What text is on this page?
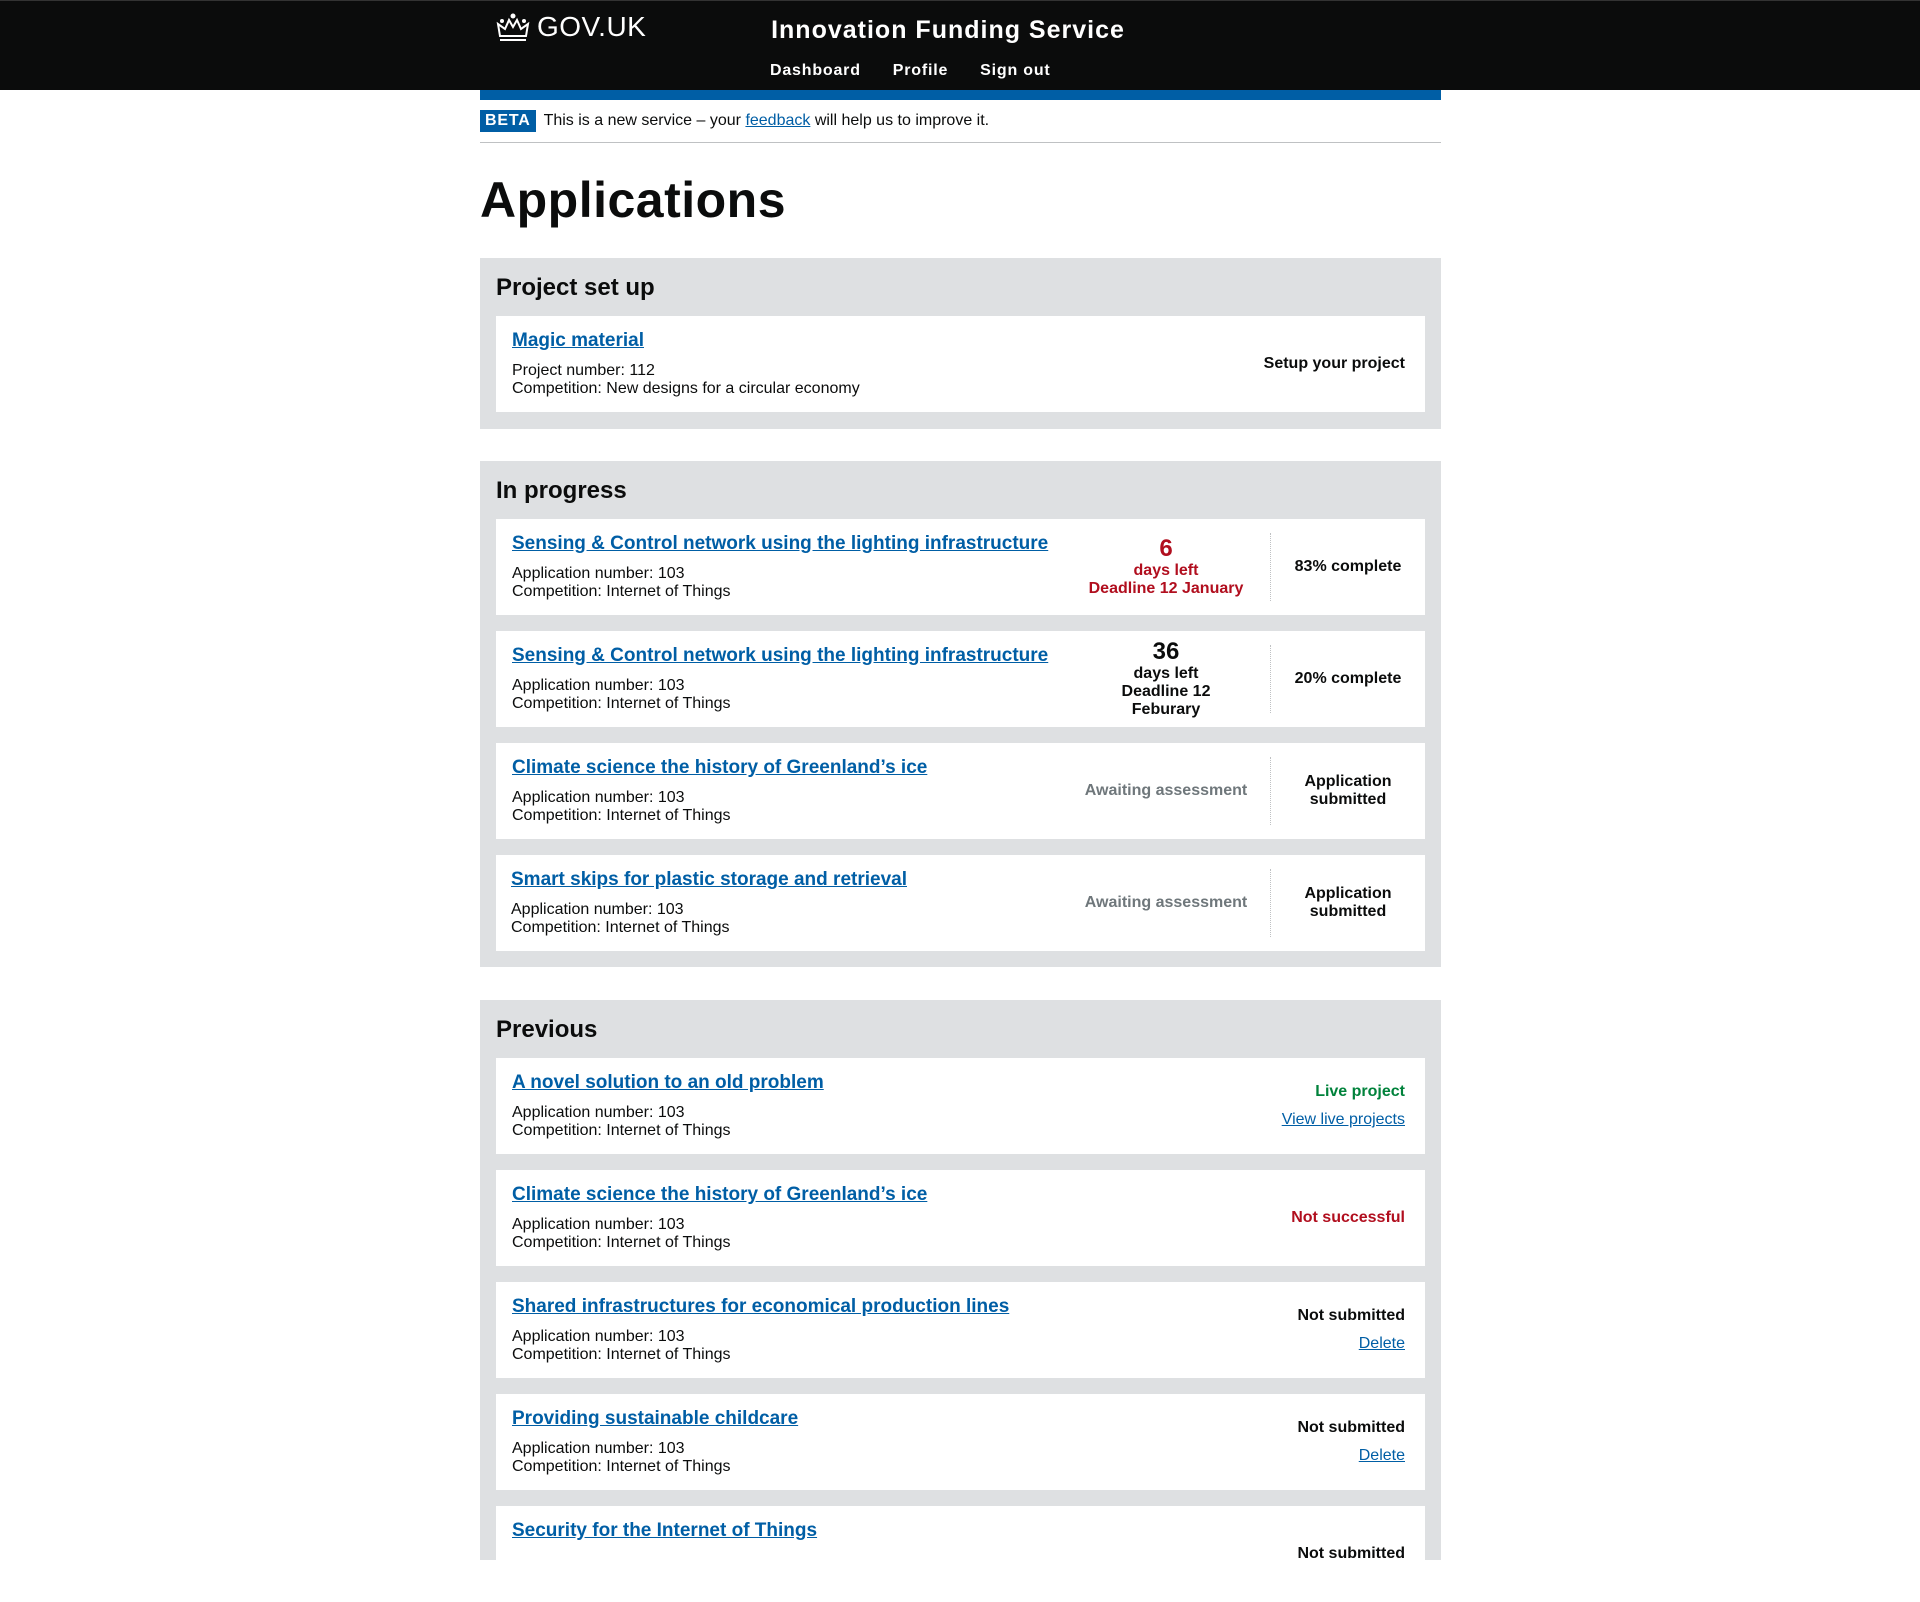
GOV.UK	Innovation Funding Service
Dashboard Profile Sign out
BETA This is a new service – your feedback will help us to improve it.
Applications
Project set up
Magic material
Project number: 112
Competition: New designs for a circular economy
Setup your project
In progress
Sensing & Control network using the lighting infrastructure
Application number: 103
Competition: Internet of Things
6
days left
Deadline 12 January
83% complete
Sensing & Control network using the lighting infrastructure
Application number: 103
Competition: Internet of Things
36
days left
Deadline 12 Feburary
20% complete
Climate science the history of Greenland’s ice
Application number: 103
Competition: Internet of Things
Awaiting assessment
Application submitted
Smart skips for plastic storage and retrieval
Application number: 103
Competition: Internet of Things
Awaiting assessment
Application submitted
Previous
A novel solution to an old problem
Application number: 103
Competition: Internet of Things
Live project
View live projects
Climate science the history of Greenland’s ice
Application number: 103
Competition: Internet of Things
Not successful
Shared infrastructures for economical production lines
Application number: 103
Competition: Internet of Things
Not submitted
Delete
Providing sustainable childcare
Application number: 103
Competition: Internet of Things
Not submitted
Delete
Security for the Internet of Things
Not submitted
